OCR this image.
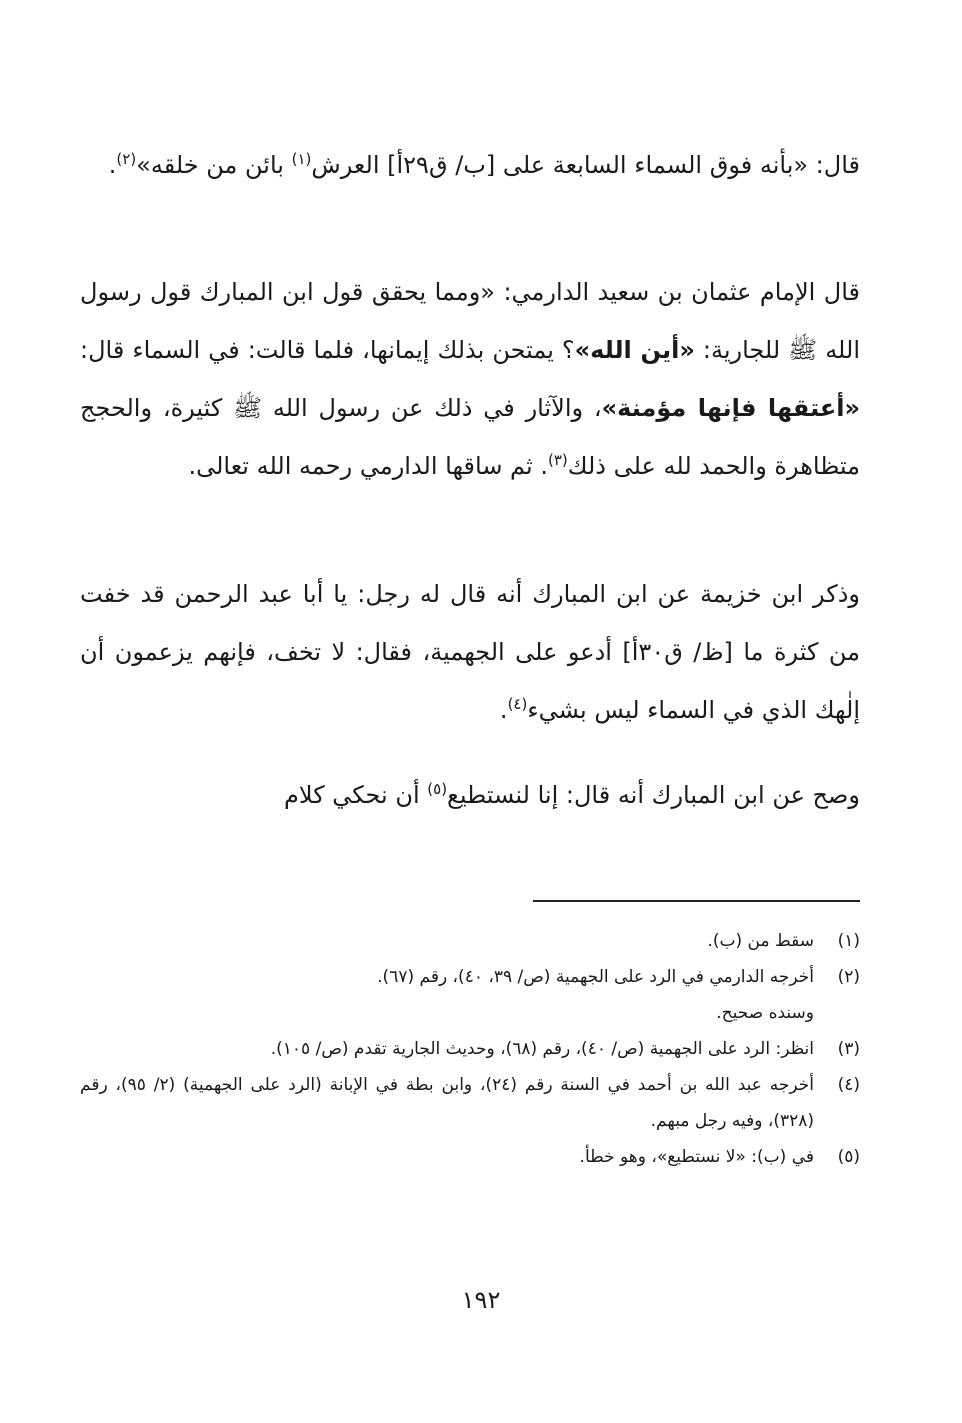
قال: «بأنه فوق السماء السابعة على [ب/ ق٢٩أ] العرش$^{(١)}$ بائن من خلقه»$^{(٢)}$.
قال الإمام عثمان بن سعيد الدارمي: «ومما يحقق قول ابن المبارك قول رسول الله ﷺ للجارية: «أين الله»؟ يمتحن بذلك إيمانها، فلما قالت: في السماء قال: «أعتقها فإنها مؤمنة»، والآثار في ذلك عن رسول الله ﷺ كثيرة، والحجج متظاهرة والحمد لله على ذلك$^{(٣)}$. ثم ساقها الدارمي رحمه الله تعالى.
وذكر ابن خزيمة عن ابن المبارك أنه قال له رجل: يا أبا عبد الرحمن قد خفت من كثرة ما [ظ/ ق٣٠أ] أدعو على الجهمية، فقال: لا تخف، فإنهم يزعمون أن إلٰهك الذي في السماء ليس بشيء$^{(٤)}$.
وصح عن ابن المبارك أنه قال: إنا لنستطيع$^{(٥)}$ أن نحكي كلام
(١)
سقط من (ب).
(٢)
أخرجه الدارمي في الرد على الجهمية (ص/ ٣٩، ٤٠)، رقم (٦٧).
وسنده صحيح.
(٣)
انظر: الرد على الجهمية (ص/ ٤٠)، رقم (٦٨)، وحديث الجارية تقدم (ص/ ١٠٥).
(٤)
أخرجه عبد الله بن أحمد في السنة رقم (٢٤)، وابن بطة في الإبانة (الرد على الجهمية) (٢/ ٩٥)، رقم (٣٢٨)، وفيه رجل مبهم.
(٥)
في (ب): «لا نستطيع»، وهو خطأ.
١٩٢
